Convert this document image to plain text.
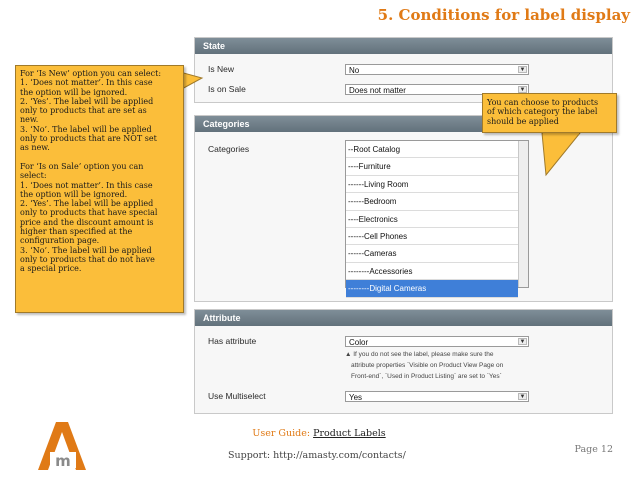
5. Conditions for label display
State
Is New	No	▼
Is on Sale	Does not matter	▼
Categories
Categories	--Root Catalog
----Furniture
------Living Room
------Bedroom
----Electronics
------Cell Phones
------Cameras
--------Accessories
--------Digital Cameras
Attribute
Has attribute	Color	▼
▲ If you do not see the label, please make sure the
attribute properties `Visible on Product View Page on
Front-end`, `Used in Product Listing` are set to `Yes`
Use Multiselect	Yes	▼
For ‘Is New’ option you can select:
1. ‘Does not matter’. In this case
the option will be ignored.
2. ‘Yes’. The label will be applied
only to products that are set as
new.
3. ‘No’. The label will be applied
only to products that are NOT set
as new.
For ‘Is on Sale’ option you can
select:
1. ‘Does not matter’. In this case
the option will be ignored.
2. ‘Yes’. The label will be applied
only to products that have special
price and the discount amount is
higher than specified at the
configuration page.
3. ‘No’. The label will be applied
only to products that do not have
a special price.
You can choose to products
of which category the label
should be applied
m
User Guide: Product Labels
Support: http://amasty.com/contacts/
Page 12
